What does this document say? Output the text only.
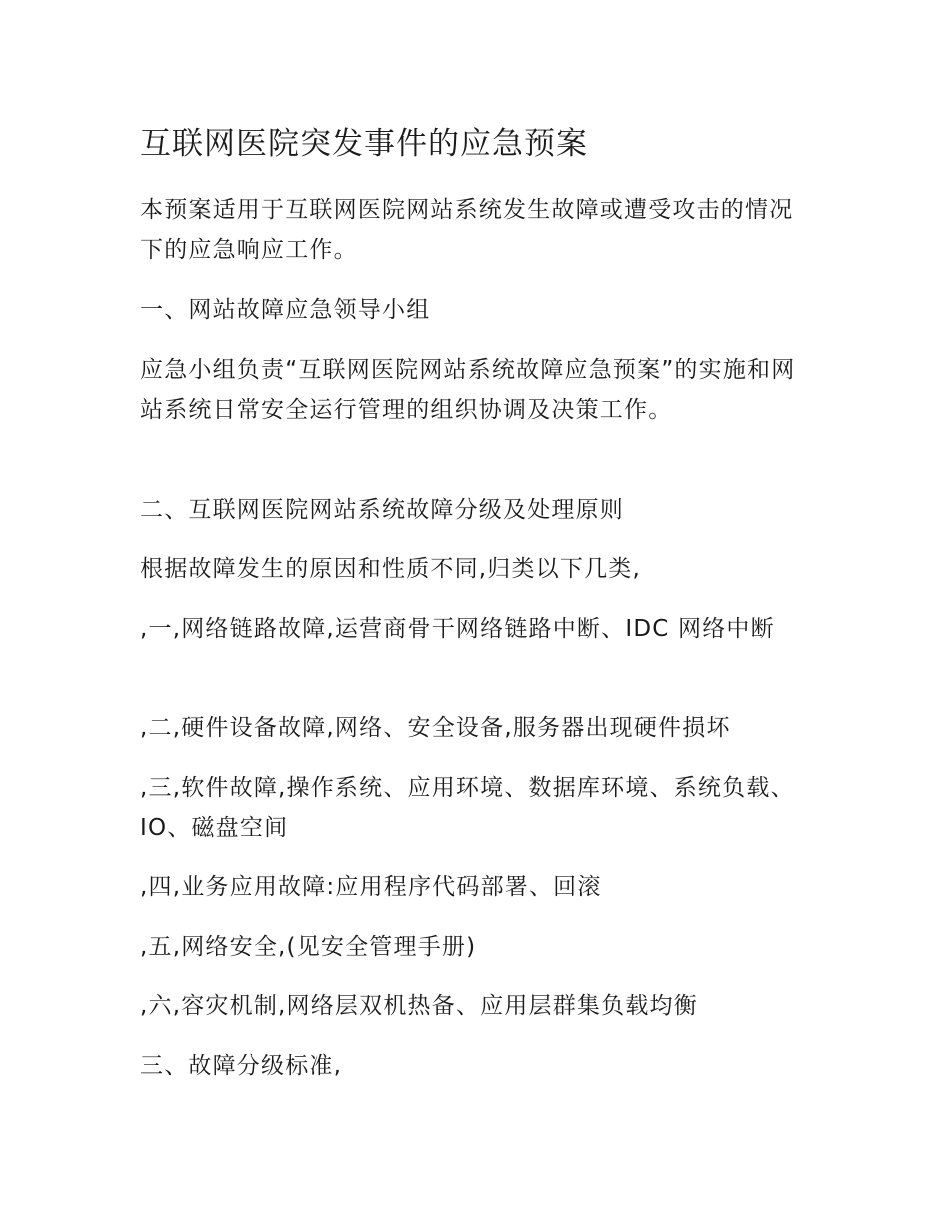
互联网医院突发事件的应急预案

本预案适用于互联网医院网站系统发生故障或遭受攻击的情况下的应急响应工作。

一、网站故障应急领导小组

应急小组负责“互联网医院网站系统故障应急预案”的实施和网站系统日常安全运行管理的组织协调及决策工作。

二、互联网医院网站系统故障分级及处理原则

根据故障发生的原因和性质不同,归类以下几类,

,一,网络链路故障,运营商骨干网络链路中断、IDC 网络中断

,二,硬件设备故障,网络、安全设备,服务器出现硬件损坏

,三,软件故障,操作系统、应用环境、数据库环境、系统负载、IO、磁盘空间

,四,业务应用故障:应用程序代码部署、回滚

,五,网络安全,(见安全管理手册)

,六,容灾机制,网络层双机热备、应用层群集负载均衡

三、故障分级标准,
